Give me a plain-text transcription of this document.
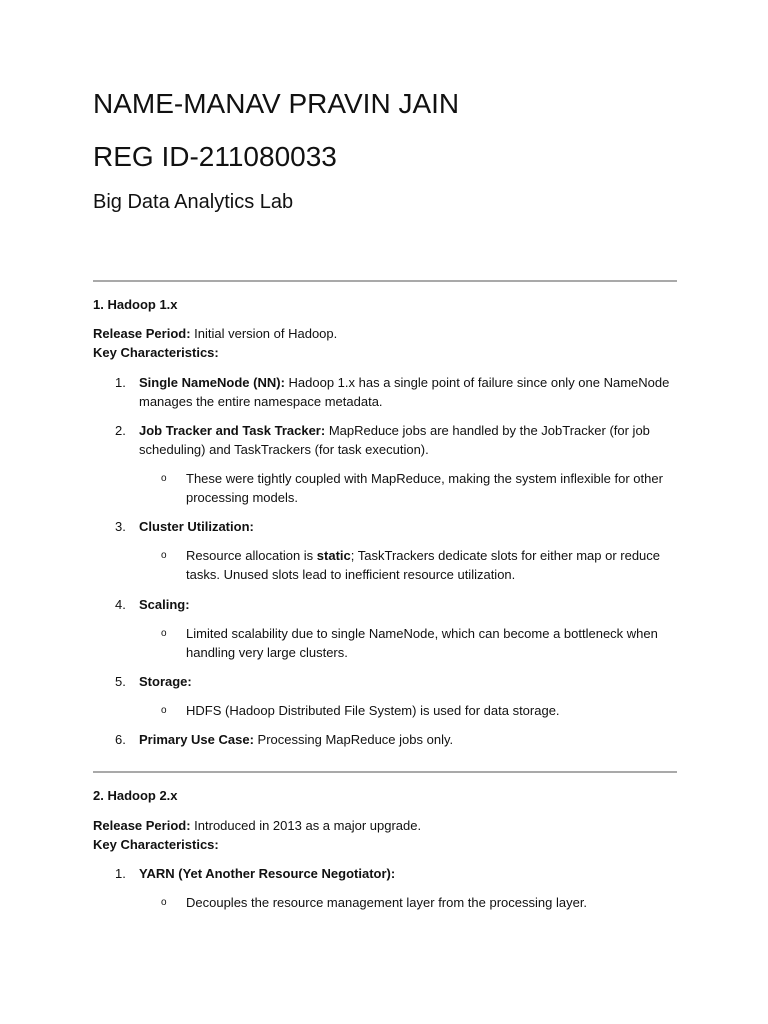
NAME-MANAV PRAVIN JAIN
REG ID-211080033
Big Data Analytics Lab
1. Hadoop 1.x
Release Period: Initial version of Hadoop.
Key Characteristics:
1. Single NameNode (NN): Hadoop 1.x has a single point of failure since only one NameNode manages the entire namespace metadata.
2. Job Tracker and Task Tracker: MapReduce jobs are handled by the JobTracker (for job scheduling) and TaskTrackers (for task execution).
o These were tightly coupled with MapReduce, making the system inflexible for other processing models.
3. Cluster Utilization:
o Resource allocation is static; TaskTrackers dedicate slots for either map or reduce tasks. Unused slots lead to inefficient resource utilization.
4. Scaling:
o Limited scalability due to single NameNode, which can become a bottleneck when handling very large clusters.
5. Storage:
o HDFS (Hadoop Distributed File System) is used for data storage.
6. Primary Use Case: Processing MapReduce jobs only.
2. Hadoop 2.x
Release Period: Introduced in 2013 as a major upgrade.
Key Characteristics:
1. YARN (Yet Another Resource Negotiator):
o Decouples the resource management layer from the processing layer.
